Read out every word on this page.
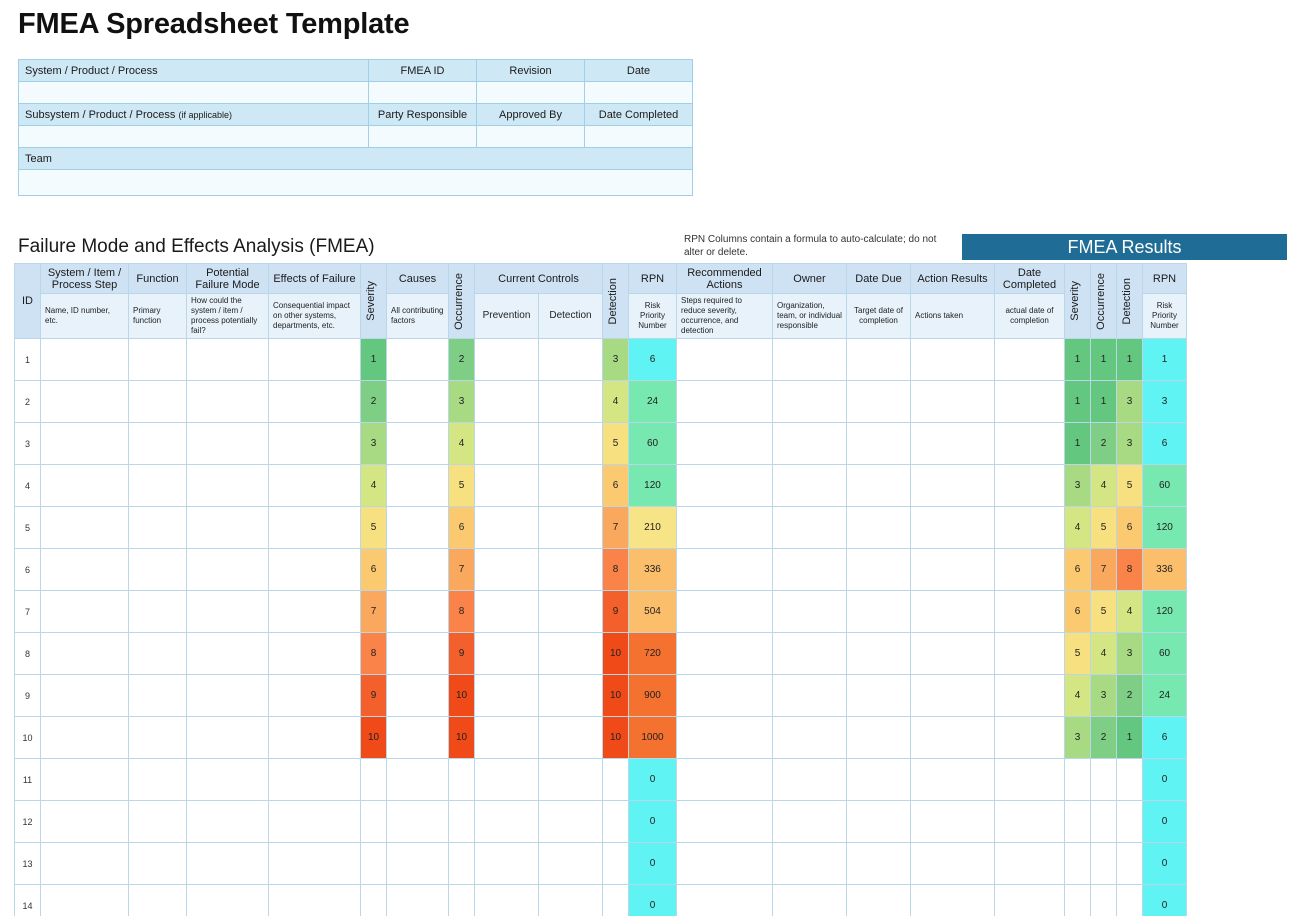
FMEA Spreadsheet Template
System / Product / Process	FMEA ID	Revision	Date

Subsystem / Product / Process (if applicable)	Party Responsible	Approved By	Date Completed

Team			

Failure Mode and Effects Analysis (FMEA)	RPN Columns contain a formula to auto-calculate; do not alter or delete.	FMEA Results
ID	System / Item / Process Step	Function	Potential Failure Mode	Effects of Failure	Severity	Causes	Occurrence	Current Controls		Detection	RPN	Recommended Actions	Owner	Date Due	Action Results	Date Completed	Severity	Occurrence	Detection	RPN
	Name, ID number, etc.	Primary function	How could the system / item / process potentially fail?	Consequential impact on other systems, departments, etc.		All contributing factors		Prevention	Detection		Risk Priority Number	Steps required to reduce severity, occurrence, and detection	Organization, team, or individual responsible	Target date of completion	Actions taken	actual date of completion				Risk Priority Number

1					1		2			3	6						1	1	1	1
2					2		3			4	24						1	1	3	3
3					3		4			5	60						1	2	3	6
4					4		5			6	120						3	4	5	60
5					5		6			7	210						4	5	6	120
6					6		7			8	336						6	7	8	336
7					7		8			9	504						6	5	4	120
8					8		9			10	720						5	4	3	60
9					9		10			10	900						4	3	2	24
10					10		10			10	1000						3	2	1	6
11											0									0
12											0									0
13											0									0
14											0									0
